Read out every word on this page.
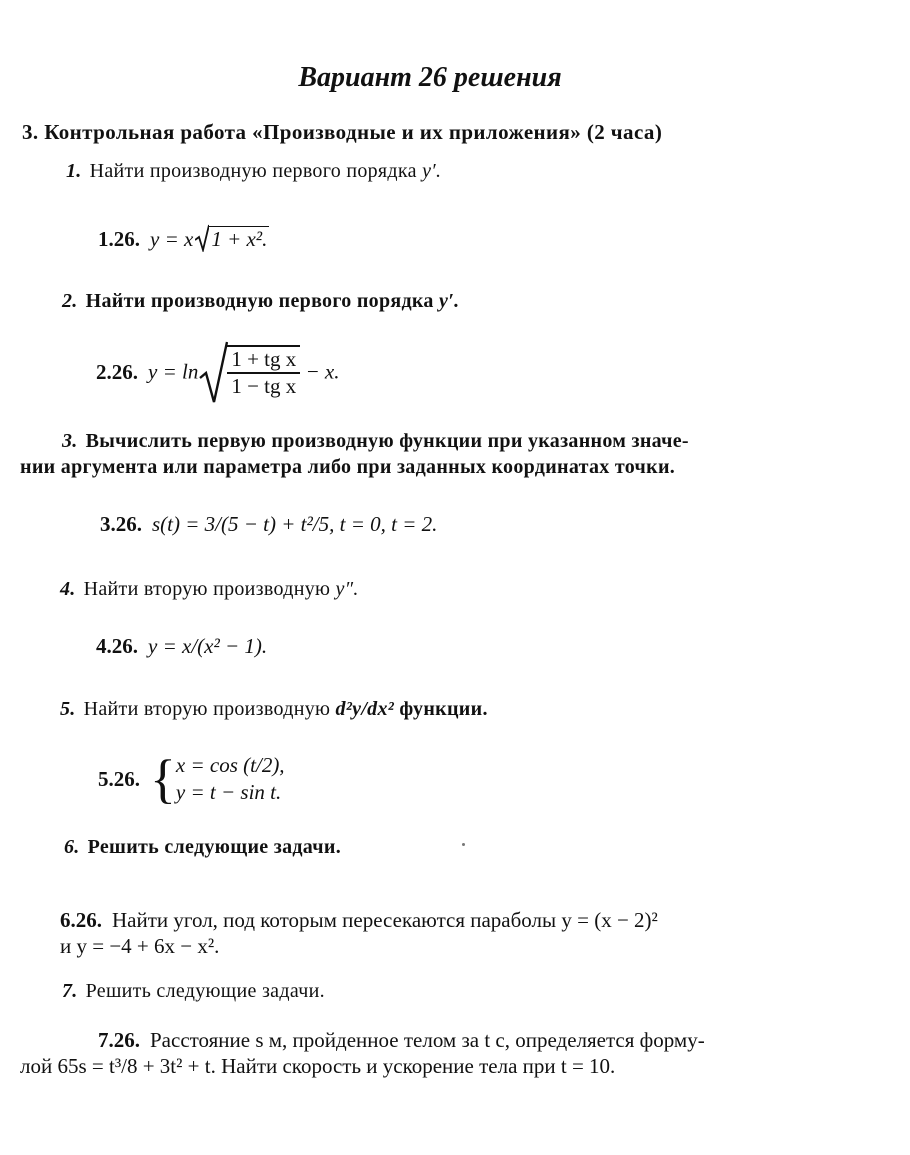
Вариант 26 решения
3. Контрольная работа «Производные и их приложения» (2 часа)
1. Найти производную первого порядка y′.
1.26. y = x 1 + x².
2. Найти производную первого порядка y′.
2.26. $y = \ln \frac{\text{1 + tg x}}{\text{1 − tg x}} - x$.
3. Вычислить первую производную функции при указанном значе-
нии аргумента или параметра либо при заданных координатах точки.
3.26. s(t) = 3/(5 − t) + t²/5, t = 0, t = 2.
4. Найти вторую производную y″.
4.26. y = x/(x² − 1).
5. Найти вторую производную d²y/dx² функции.
5.26. { x = cos (t/2),
y = t − sin t.
6. Решить следующие задачи.
6.26. Найти угол, под которым пересекаются параболы y = (x − 2)²
и y = −4 + 6x − x².
7. Решить следующие задачи.
7.26. Расстояние s м, пройденное телом за t с, определяется форму-
лой 65s = t³/8 + 3t² + t. Найти скорость и ускорение тела при t = 10.
